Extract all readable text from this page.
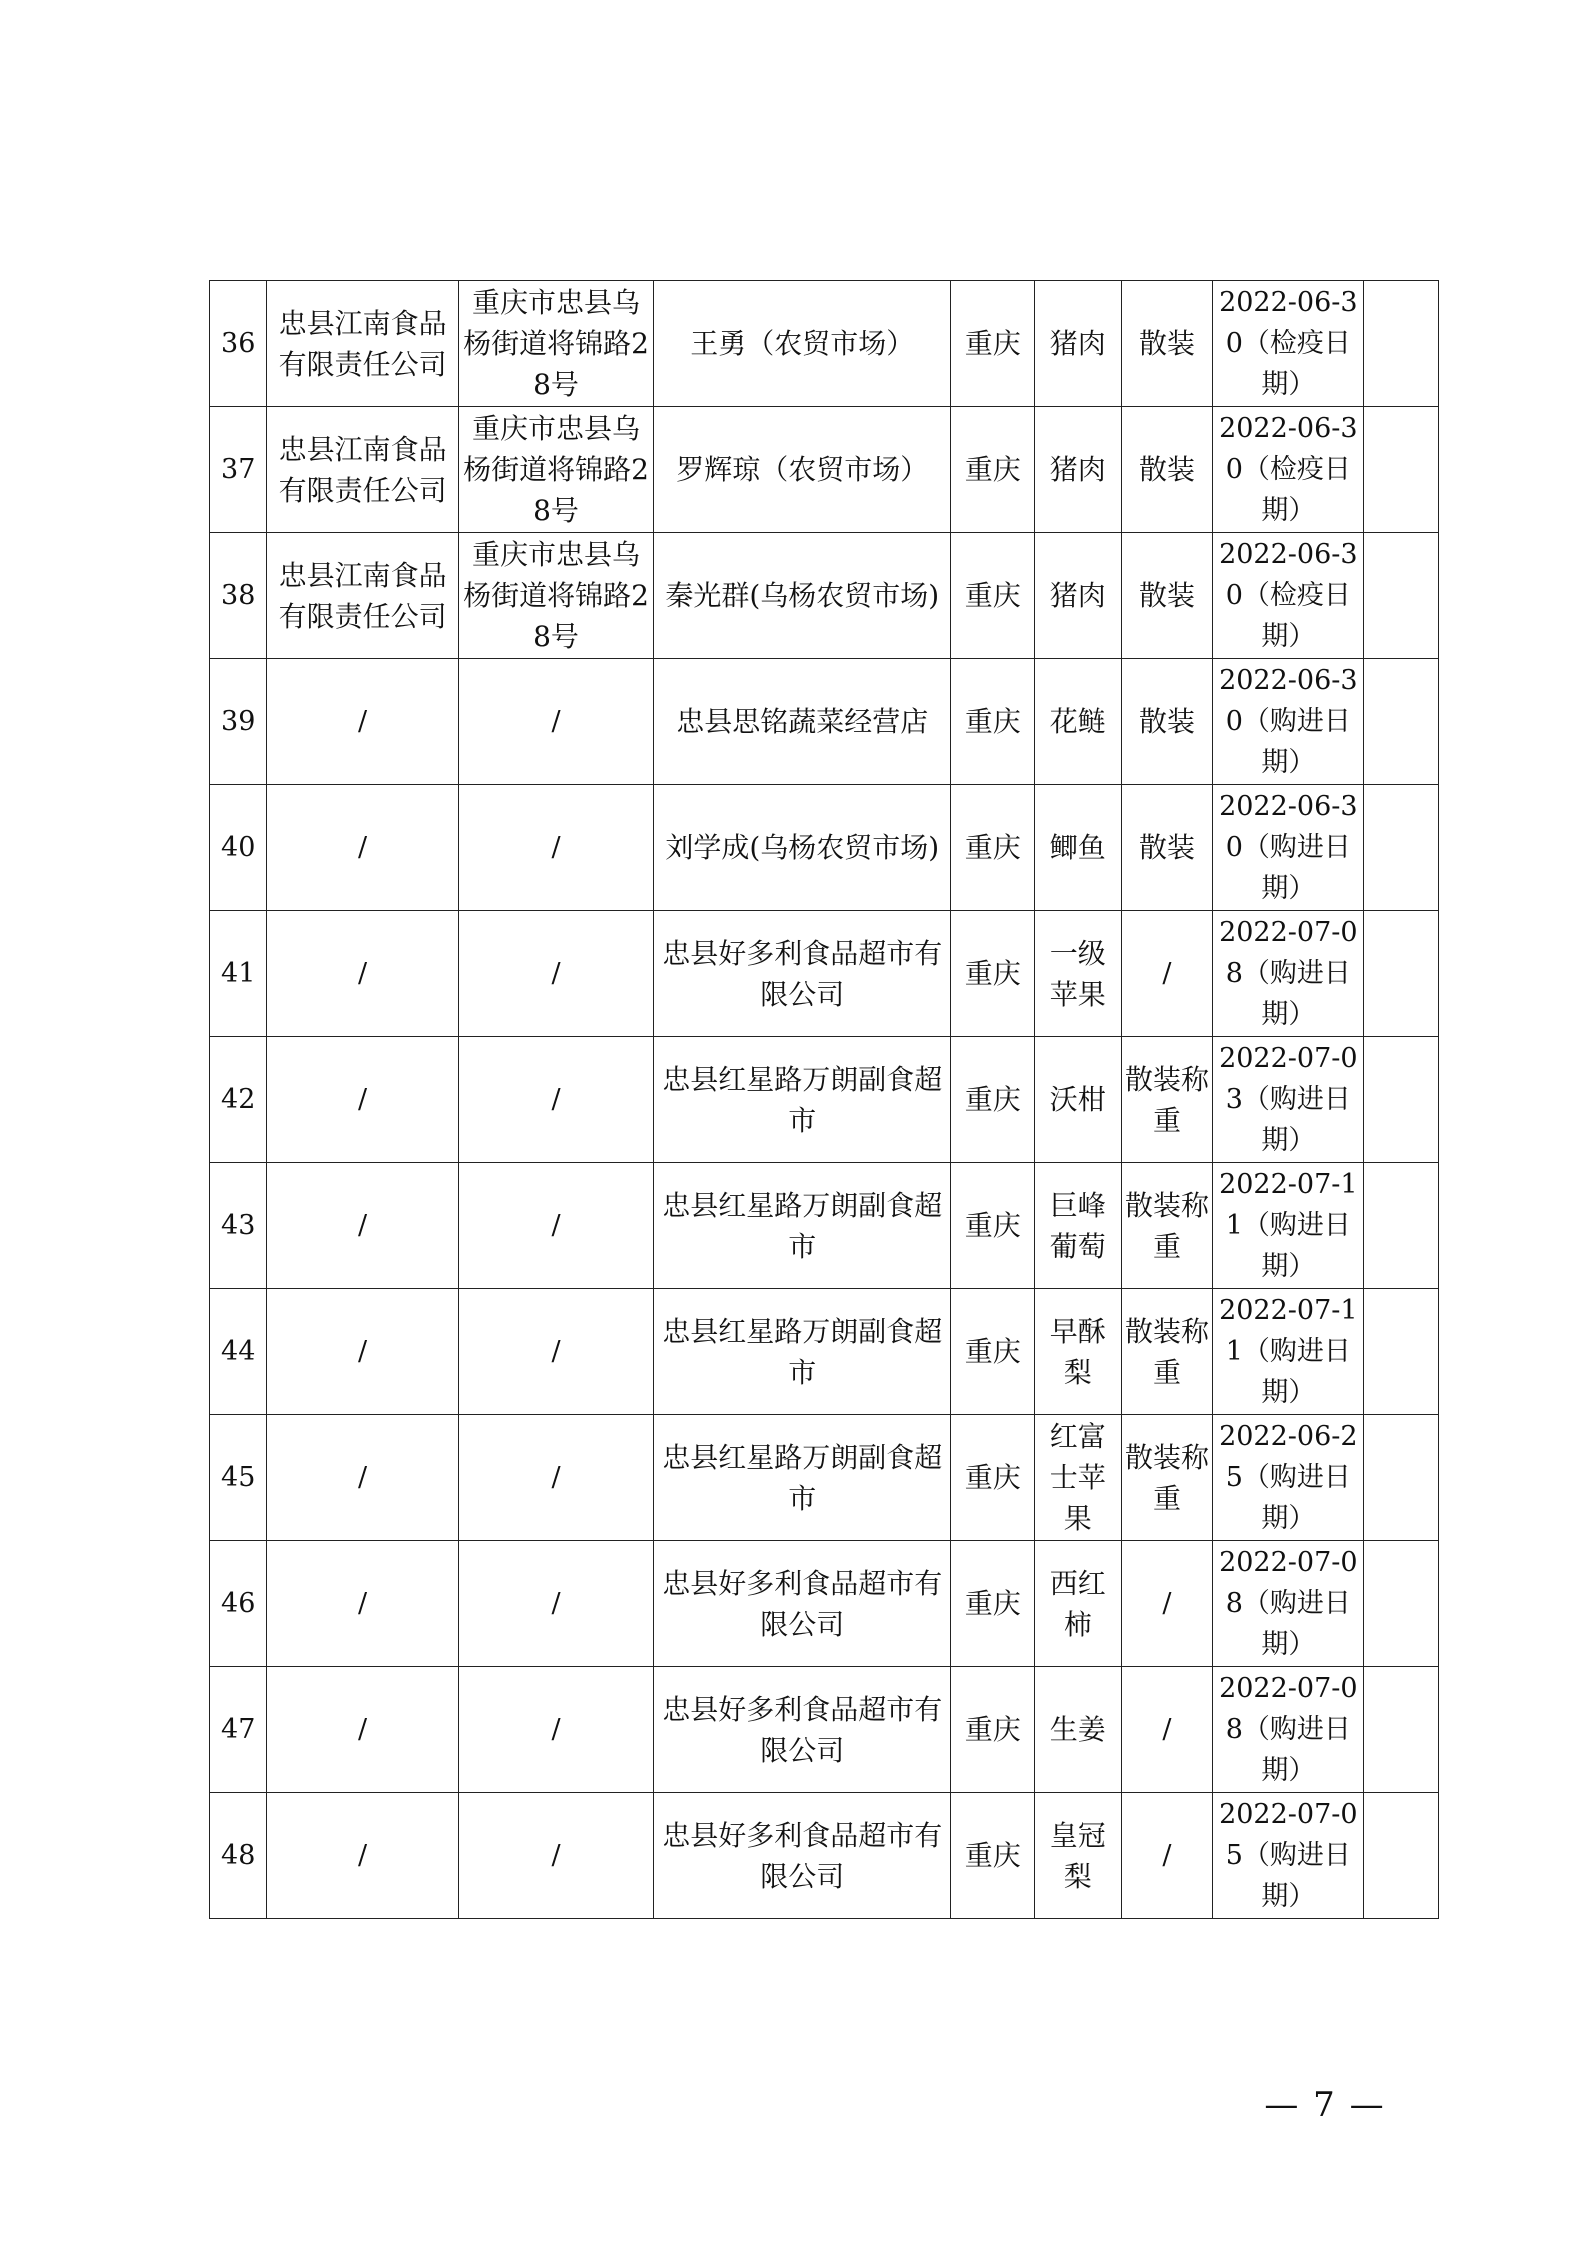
36	忠县江南食品有限责任公司	重庆市忠县乌杨街道将锦路28号	王勇（农贸市场）	重庆	猪肉	散装	2022-06-30（检疫日期）	
37	忠县江南食品有限责任公司	重庆市忠县乌杨街道将锦路28号	罗辉琼（农贸市场）	重庆	猪肉	散装	2022-06-30（检疫日期）	
38	忠县江南食品有限责任公司	重庆市忠县乌杨街道将锦路28号	秦光群(乌杨农贸市场)	重庆	猪肉	散装	2022-06-30（检疫日期）	
39	/	/	忠县思铭蔬菜经营店	重庆	花鲢	散装	2022-06-30（购进日期）	
40	/	/	刘学成(乌杨农贸市场)	重庆	鲫鱼	散装	2022-06-30（购进日期）	
41	/	/	忠县好多利食品超市有限公司	重庆	一级苹果	/	2022-07-08（购进日期）	
42	/	/	忠县红星路万朗副食超市	重庆	沃柑	散装称重	2022-07-03（购进日期）	
43	/	/	忠县红星路万朗副食超市	重庆	巨峰葡萄	散装称重	2022-07-11（购进日期）	
44	/	/	忠县红星路万朗副食超市	重庆	早酥梨	散装称重	2022-07-11（购进日期）	
45	/	/	忠县红星路万朗副食超市	重庆	红富士苹果	散装称重	2022-06-25（购进日期）	
46	/	/	忠县好多利食品超市有限公司	重庆	西红柿	/	2022-07-08（购进日期）	
47	/	/	忠县好多利食品超市有限公司	重庆	生姜	/	2022-07-08（购进日期）	
48	/	/	忠县好多利食品超市有限公司	重庆	皇冠梨	/	2022-07-05（购进日期）	
— 7 —
